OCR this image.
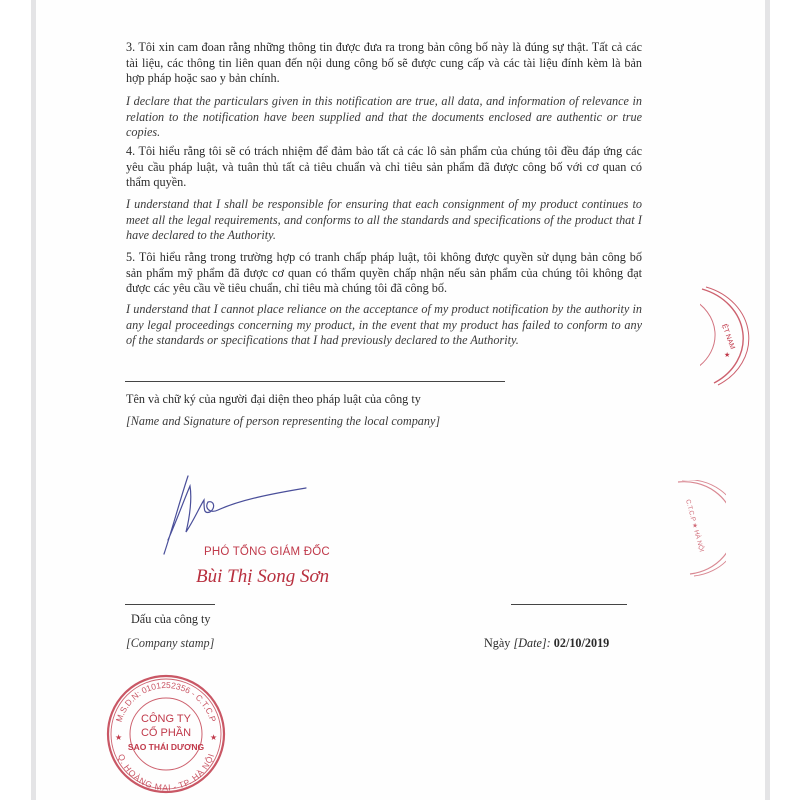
3. Tôi xin cam đoan rằng những thông tin được đưa ra trong bản công bố này là đúng sự thật. Tất cả các tài liệu, các thông tin liên quan đến nội dung công bố sẽ được cung cấp và các tài liệu đính kèm là bản hợp pháp hoặc sao y bản chính.
I declare that the particulars given in this notification are true, all data, and information of relevance in relation to the notification have been supplied and that the documents enclosed are authentic or true copies.
4. Tôi hiểu rằng tôi sẽ có trách nhiệm để đảm bảo tất cả các lô sản phẩm của chúng tôi đều đáp ứng các yêu cầu pháp luật, và tuân thủ tất cả tiêu chuẩn và chỉ tiêu sản phẩm đã được công bố với cơ quan có thẩm quyền.
I understand that I shall be responsible for ensuring that each consignment of my product continues to meet all the legal requirements, and conforms to all the standards and specifications of the product that I have declared to the Authority.
5. Tôi hiểu rằng trong trường hợp có tranh chấp pháp luật, tôi không được quyền sử dụng bản công bố sản phẩm mỹ phẩm đã được cơ quan có thẩm quyền chấp nhận nếu sản phẩm của chúng tôi không đạt được các yêu cầu về tiêu chuẩn, chỉ tiêu mà chúng tôi đã công bố.
I understand that I cannot place reliance on the acceptance of my product notification by the authority in any legal proceedings concerning my product, in the event that my product has failed to conform to any of the standards or specifications that I had previously declared to the Authority.
Tên và chữ ký của người đại diện theo pháp luật của công ty
[Name and Signature of person representing the local company]
PHÓ TỔNG GIÁM ĐỐC
Bùi Thị Song Sơn
Dấu của công ty
[Company stamp]	Ngày [Date]: 02/10/2019
M.S.D.N: 0101252356 - C.T.C.P
Q. HOÀNG MAI - TP. HÀ NỘI
★	★
CÔNG TY
CỔ PHẦN
SAO THÁI DƯƠNG
ỆT NAM
★
C.T.C.P ★ HÀ NỘI
